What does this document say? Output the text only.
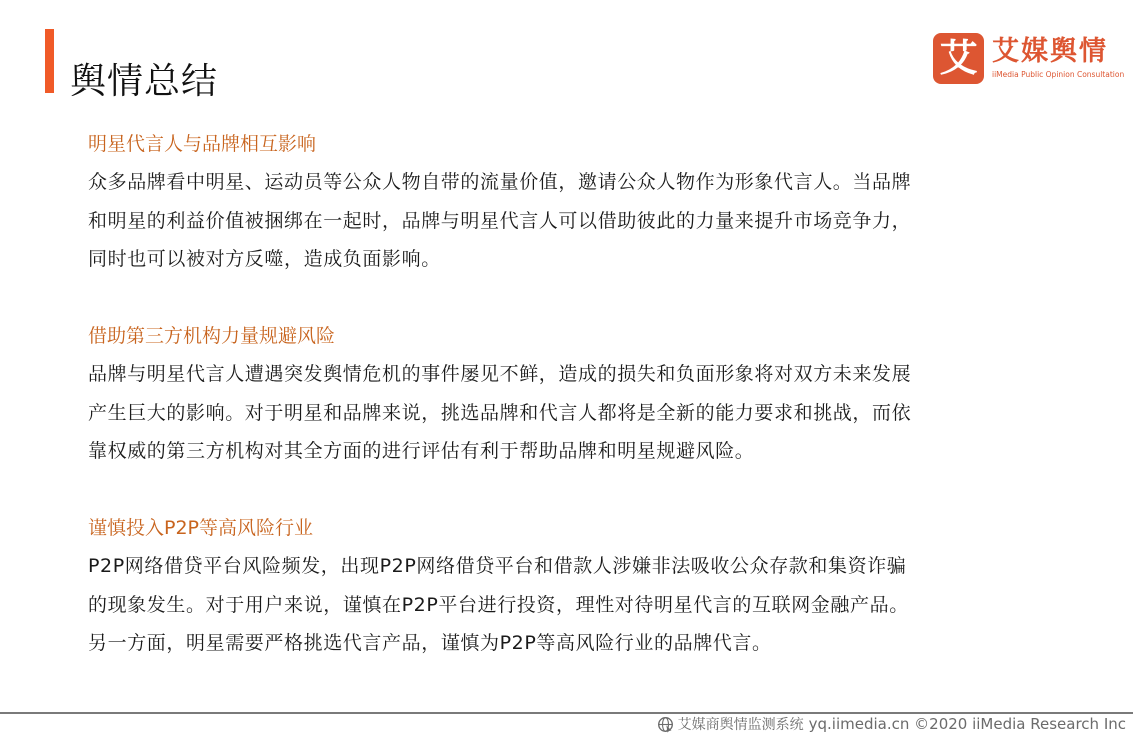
舆情总结
艾 艾媒舆情
iiMedia Public Opinion Consultation
明星代言人与品牌相互影响

众多品牌看中明星、运动员等公众人物自带的流量价值，邀请公众人物作为形象代言人。当品牌
和明星的利益价值被捆绑在一起时，品牌与明星代言人可以借助彼此的力量来提升市场竞争力，
同时也可以被对方反噬，造成负面影响。

借助第三方机构力量规避风险

品牌与明星代言人遭遇突发舆情危机的事件屡见不鲜，造成的损失和负面形象将对双方未来发展
产生巨大的影响。对于明星和品牌来说，挑选品牌和代言人都将是全新的能力要求和挑战，而依
靠权威的第三方机构对其全方面的进行评估有利于帮助品牌和明星规避风险。

谨慎投入P2P等高风险行业

P2P网络借贷平台风险频发，出现P2P网络借贷平台和借款人涉嫌非法吸收公众存款和集资诈骗
的现象发生。对于用户来说，谨慎在P2P平台进行投资，理性对待明星代言的互联网金融产品。
另一方面，明星需要严格挑选代言产品，谨慎为P2P等高风险行业的品牌代言。

艾媒商舆情监测系统 yq.iimedia.cn ©2020 iiMedia Research Inc
